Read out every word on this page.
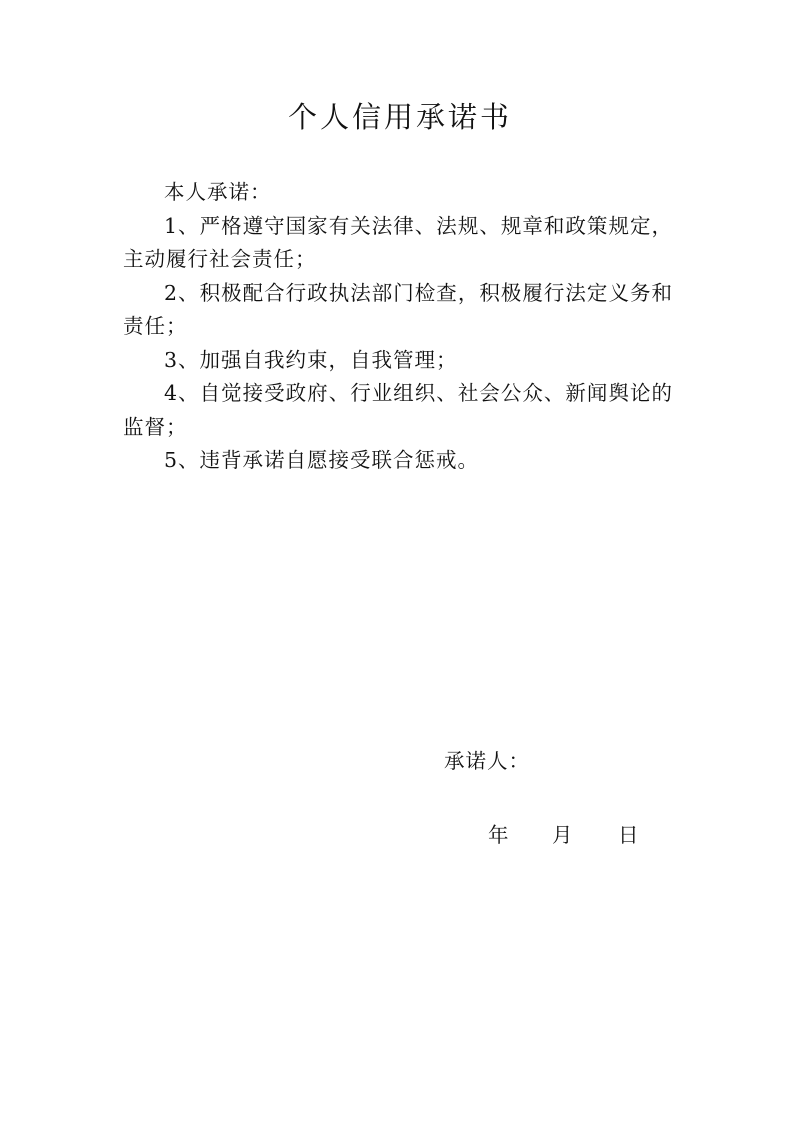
个人信用承诺书

本人承诺：

1、严格遵守国家有关法律、法规、规章和政策规定，主动履行社会责任；

2、积极配合行政执法部门检查，积极履行法定义务和责任；

3、加强自我约束，自我管理；

4、自觉接受政府、行业组织、社会公众、新闻舆论的监督；

5、违背承诺自愿接受联合惩戒。

承诺人：
年 月 日
